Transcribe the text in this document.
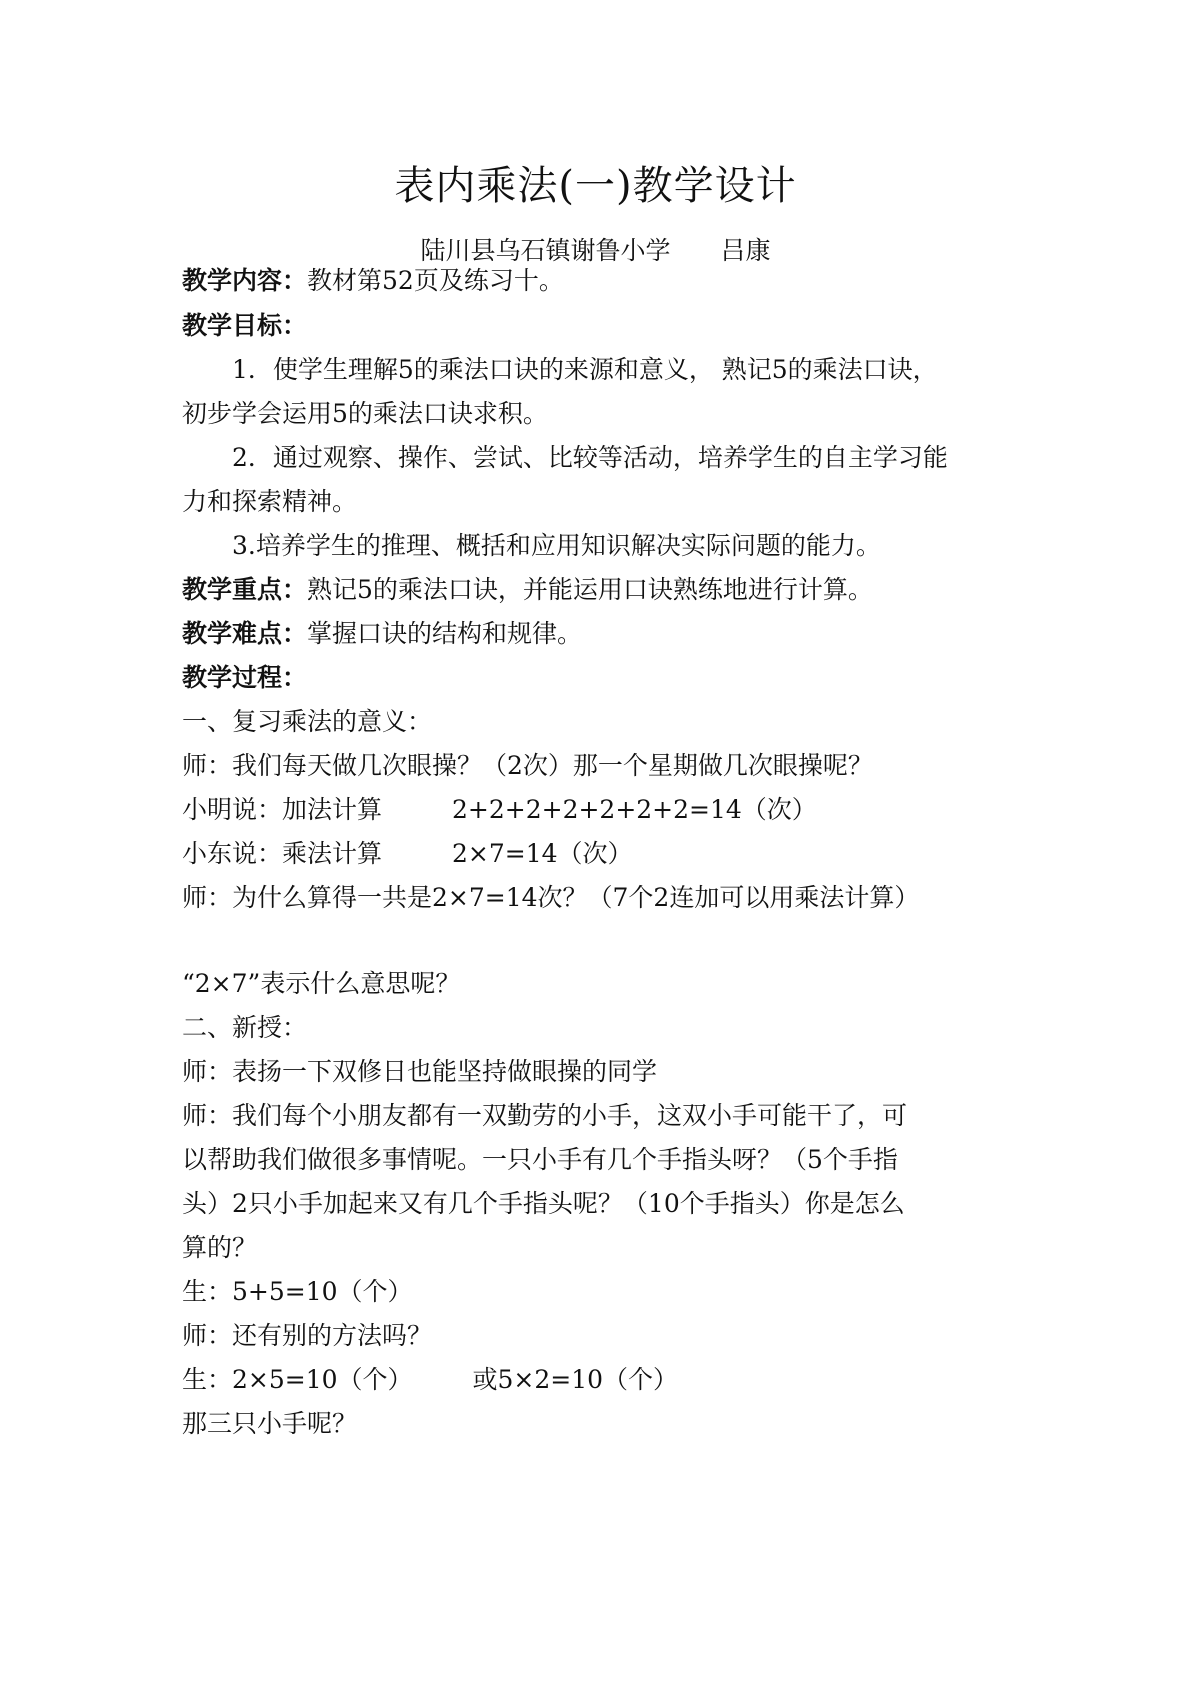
表内乘法(一)教学设计
陆川县乌石镇谢鲁小学 吕康
教学内容：教材第52页及练习十。
教学目标：
1．使学生理解5的乘法口诀的来源和意义， 熟记5的乘法口诀，
初步学会运用5的乘法口诀求积。
2．通过观察、操作、尝试、比较等活动，培养学生的自主学习能
力和探索精神。
3.培养学生的推理、概括和应用知识解决实际问题的能力。
教学重点：熟记5的乘法口诀，并能运用口诀熟练地进行计算。
教学难点：掌握口诀的结构和规律。
教学过程：
一、复习乘法的意义：
师：我们每天做几次眼操？（2次）那一个星期做几次眼操呢？
小明说：加法计算	2+2+2+2+2+2+2=14（次）
小东说：乘法计算	2×7=14（次）
师：为什么算得一共是2×7=14次？（7个2连加可以用乘法计算）
“2×7”表示什么意思呢？
二、新授：
师：表扬一下双修日也能坚持做眼操的同学
师：我们每个小朋友都有一双勤劳的小手，这双小手可能干了，可
以帮助我们做很多事情呢。一只小手有几个手指头呀？（5个手指
头）2只小手加起来又有几个手指头呢？（10个手指头）你是怎么
算的？
生：5+5=10（个）
师：还有别的方法吗？
生：2×5=10（个） 或5×2=10（个）
那三只小手呢？
